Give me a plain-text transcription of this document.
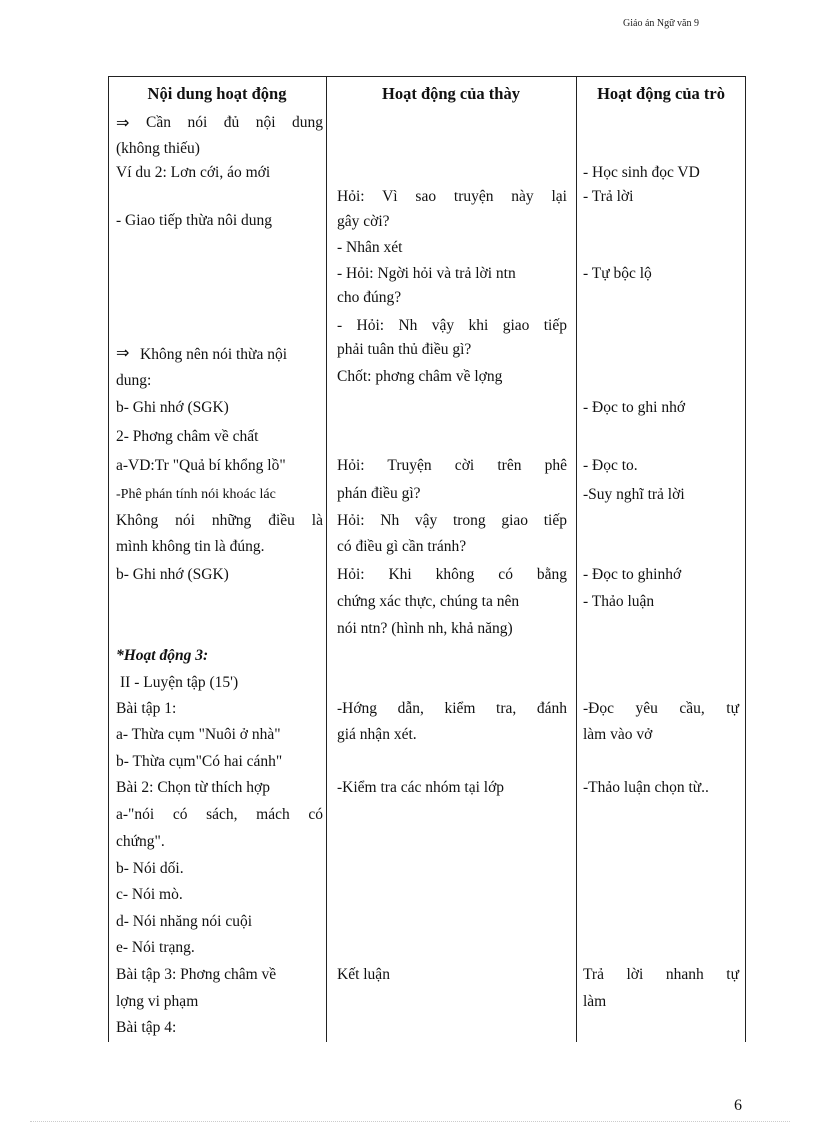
Giáo án Ngữ văn 9
Nội dung hoạt động	Hoạt động của thày	Hoạt động của trò
⇒ Cần nói đủ nội dung
(không thiếu)
Ví du 2: Lơn cới, áo mới
- Giao tiếp thừa nôi dung
⇒ Không nên nói thừa nội
dung:
b- Ghi nhớ (SGK)
2- Phơng châm về chất
a-VD:Tr "Quả bí khổng lồ"
-Phê phán tính nói khoác lác
Không nói những điều là
mình không tin là đúng.
b- Ghi nhớ (SGK)
*Hoạt động 3:
II - Luyện tập (15')
Bài tập 1:
a- Thừa cụm "Nuôi ở nhà"
b- Thừa cụm"Có hai cánh"
Bài 2: Chọn từ thích hợp
a-"nói có sách, mách có
chứng".
b- Nói dối.
c- Nói mò.
d- Nói nhăng nói cuội
e- Nói trạng.
Bài tập 3: Phơng châm về
lợng vi phạm
Bài tập 4:
Hỏi: Vì sao truyện này lại
gây cời?
- Nhân xét
- Hỏi: Ngời hỏi và trả lời ntn
cho đúng?
- Hỏi: Nh vậy khi giao tiếp
phải tuân thủ điều gì?
Chốt: phơng châm về lợng
Hỏi: Truyện cời trên phê
phán điều gì?
Hỏi: Nh vậy trong giao tiếp
có điều gì cần tránh?
Hỏi: Khi không có bằng
chứng xác thực, chúng ta nên
nói ntn? (hình nh, khả năng)
-Hớng dẫn, kiểm tra, đánh
giá nhận xét.
-Kiểm tra các nhóm tại lớp
Kết luận
- Học sinh đọc VD
- Trả lời
- Tự bộc lộ
- Đọc to ghi nhớ
- Đọc to.
-Suy nghĩ trả lời
- Đọc to ghinhớ
- Thảo luận
-Đọc yêu cầu, tự
làm vào vở
-Thảo luận chọn từ..
Trả lời nhanh tự
làm
6
